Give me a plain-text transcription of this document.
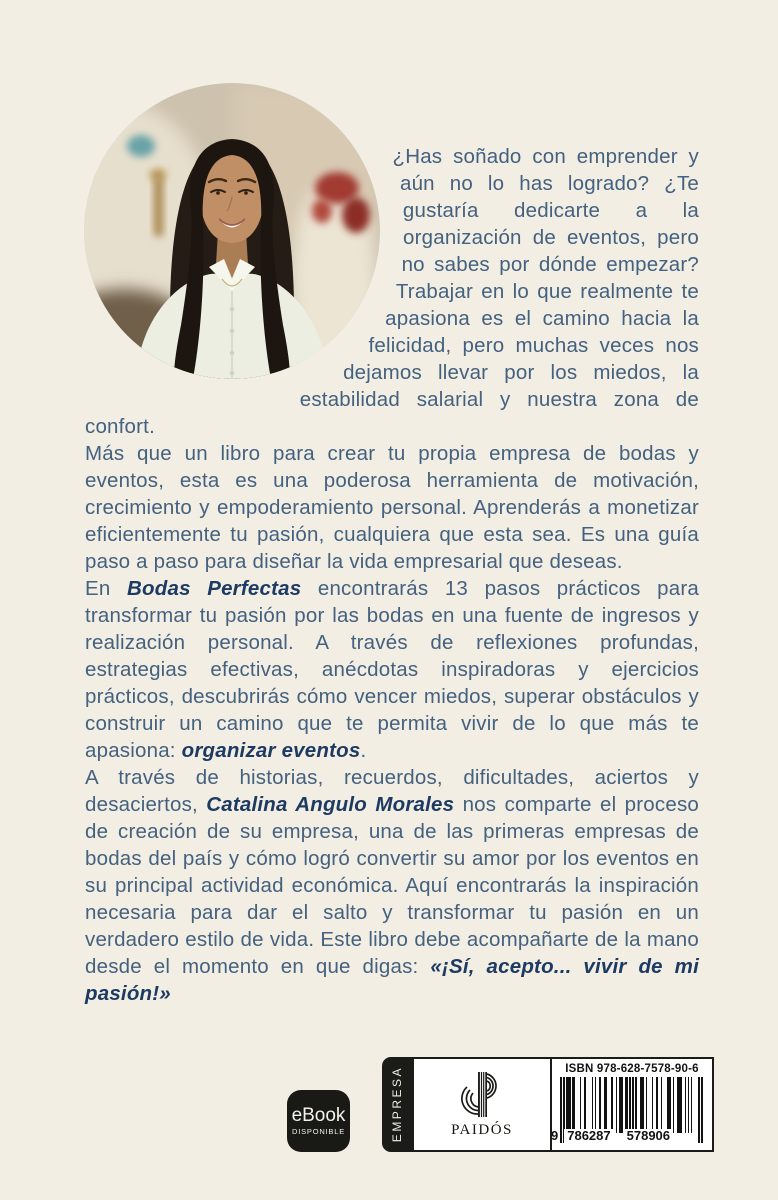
¿Has soñado con emprender y aún no lo has logrado? ¿Te gustaría dedicarte a la organización de eventos, pero no sabes por dónde empezar? Trabajar en lo que realmente te apasiona es el camino hacia la felicidad, pero muchas veces nos dejamos llevar por los miedos, la estabilidad salarial y nuestra zona de confort.

Más que un libro para crear tu propia empresa de bodas y eventos, esta es una poderosa herramienta de motivación, crecimiento y empoderamiento personal. Aprenderás a monetizar eficientemente tu pasión, cualquiera que esta sea. Es una guía paso a paso para diseñar la vida empresarial que deseas.

En Bodas Perfectas encontrarás 13 pasos prácticos para transformar tu pasión por las bodas en una fuente de ingresos y realización personal. A través de reflexiones profundas, estrategias efectivas, anécdotas inspiradoras y ejercicios prácticos, descubrirás cómo vencer miedos, superar obstáculos y construir un camino que te permita vivir de lo que más te apasiona: organizar eventos.

A través de historias, recuerdos, dificultades, aciertos y desaciertos, Catalina Angulo Morales nos comparte el proceso de creación de su empresa, una de las primeras empresas de bodas del país y cómo logró convertir su amor por los eventos en su principal actividad económica. Aquí encontrarás la inspiración necesaria para dar el salto y transformar tu pasión en un verdadero estilo de vida. Este libro debe acompañarte de la mano desde el momento en que digas: «¡Sí, acepto... vivir de mi pasión!»

eBook
DISPONIBLE	EMPRESA	PAIDÓS
ISBN 978-628-7578-90-6
9 786287 578906
